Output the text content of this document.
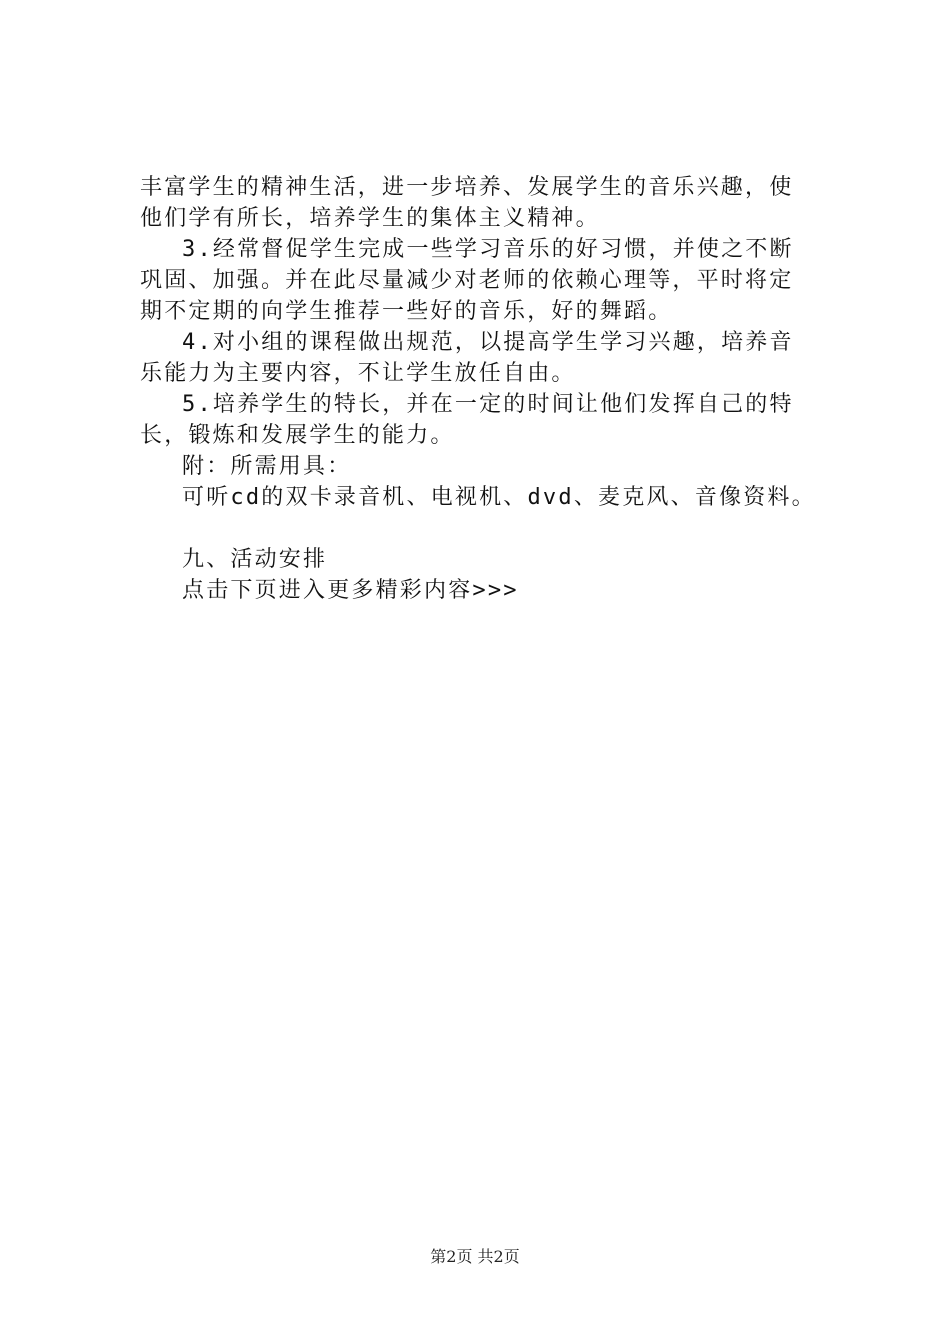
丰富学生的精神生活，进一步培养、发展学生的音乐兴趣，使
他们学有所长，培养学生的集体主义精神。
3.经常督促学生完成一些学习音乐的好习惯，并使之不断
巩固、加强。并在此尽量减少对老师的依赖心理等，平时将定
期不定期的向学生推荐一些好的音乐，好的舞蹈。
4.对小组的课程做出规范，以提高学生学习兴趣，培养音
乐能力为主要内容，不让学生放任自由。
5.培养学生的特长，并在一定的时间让他们发挥自己的特
长，锻炼和发展学生的能力。
附：所需用具：
可听cd的双卡录音机、电视机、dvd、麦克风、音像资料。
九、活动安排
点击下页进入更多精彩内容>>>
第2页 共2页
